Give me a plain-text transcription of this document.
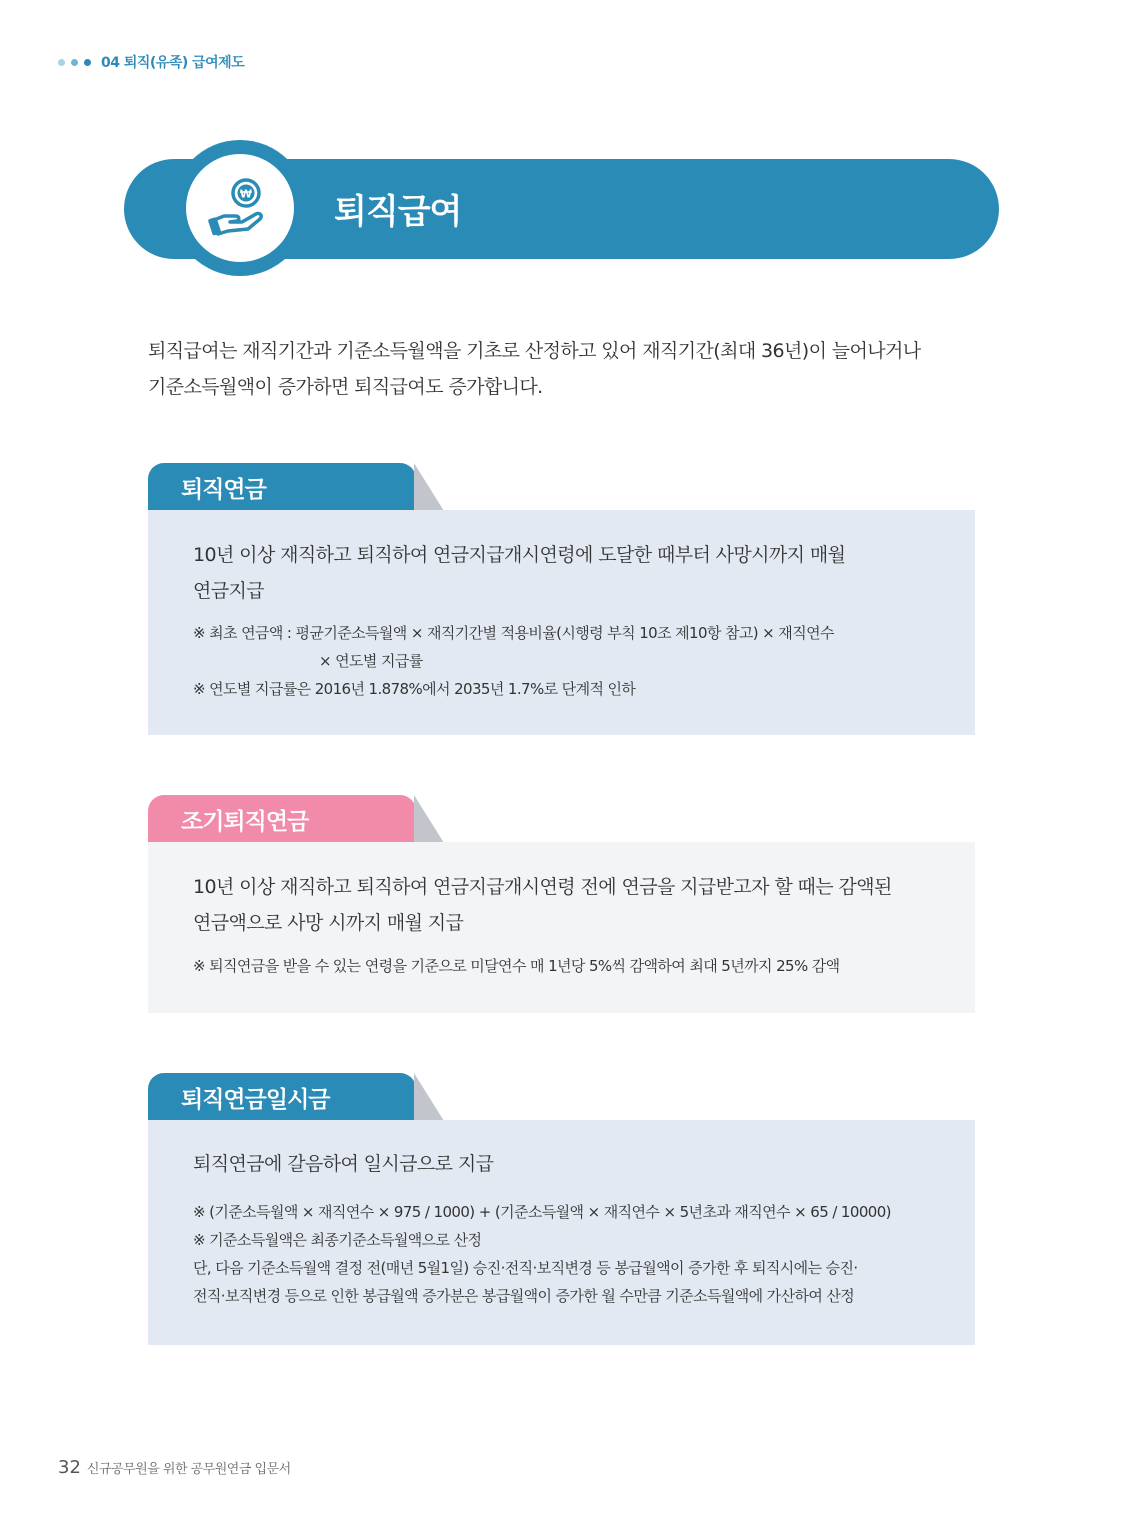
04 퇴직(유족) 급여제도
₩ 퇴직급여
퇴직급여는 재직기간과 기준소득월액을 기초로 산정하고 있어 재직기간(최대 36년)이 늘어나거나
기준소득월액이 증가하면 퇴직급여도 증가합니다.
퇴직연금
10년 이상 재직하고 퇴직하여 연금지급개시연령에 도달한 때부터 사망시까지 매월
연금지급
※ 최초 연금액 : 평균기준소득월액 × 재직기간별 적용비율(시행령 부칙 10조 제10항 참고) × 재직연수
× 연도별 지급률
※ 연도별 지급률은 2016년 1.878%에서 2035년 1.7%로 단계적 인하
조기퇴직연금
10년 이상 재직하고 퇴직하여 연금지급개시연령 전에 연금을 지급받고자 할 때는 감액된
연금액으로 사망 시까지 매월 지급
※ 퇴직연금을 받을 수 있는 연령을 기준으로 미달연수 매 1년당 5%씩 감액하여 최대 5년까지 25% 감액
퇴직연금일시금
퇴직연금에 갈음하여 일시금으로 지급
※ (기준소득월액 × 재직연수 × 975 / 1000) + (기준소득월액 × 재직연수 × 5년초과 재직연수 × 65 / 10000)
※ 기준소득월액은 최종기준소득월액으로 산정
단, 다음 기준소득월액 결정 전(매년 5월1일) 승진·전직·보직변경 등 봉급월액이 증가한 후 퇴직시에는 승진·
전직·보직변경 등으로 인한 봉급월액 증가분은 봉급월액이 증가한 월 수만큼 기준소득월액에 가산하여 산정
32 신규공무원을 위한 공무원연금 입문서
